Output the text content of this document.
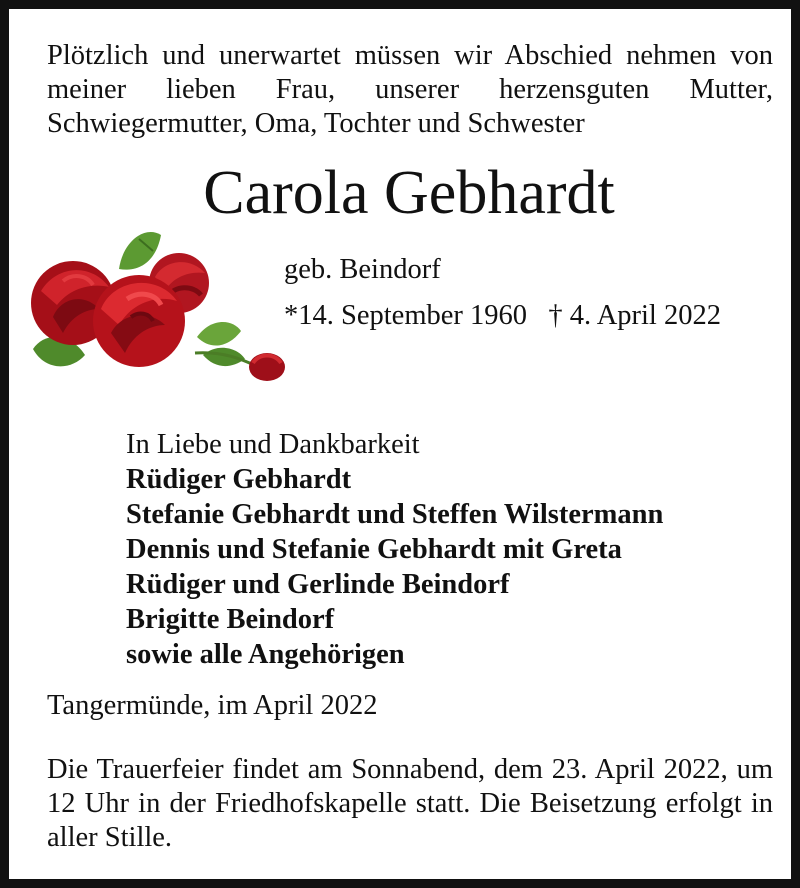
Plötzlich und unerwartet müssen wir Abschied nehmen von meiner lieben Frau, unserer herzensguten Mutter, Schwiegermutter, Oma, Tochter und Schwester
Carola Gebhardt
geb. Beindorf
*14. September 1960 † 4. April 2022
In Liebe und Dankbarkeit
Rüdiger Gebhardt
Stefanie Gebhardt und Steffen Wilstermann
Dennis und Stefanie Gebhardt mit Greta
Rüdiger und Gerlinde Beindorf
Brigitte Beindorf
sowie alle Angehörigen
Tangermünde, im April 2022
Die Trauerfeier findet am Sonnabend, dem 23. April 2022, um 12 Uhr in der Friedhofskapelle statt. Die Beisetzung erfolgt in aller Stille.
